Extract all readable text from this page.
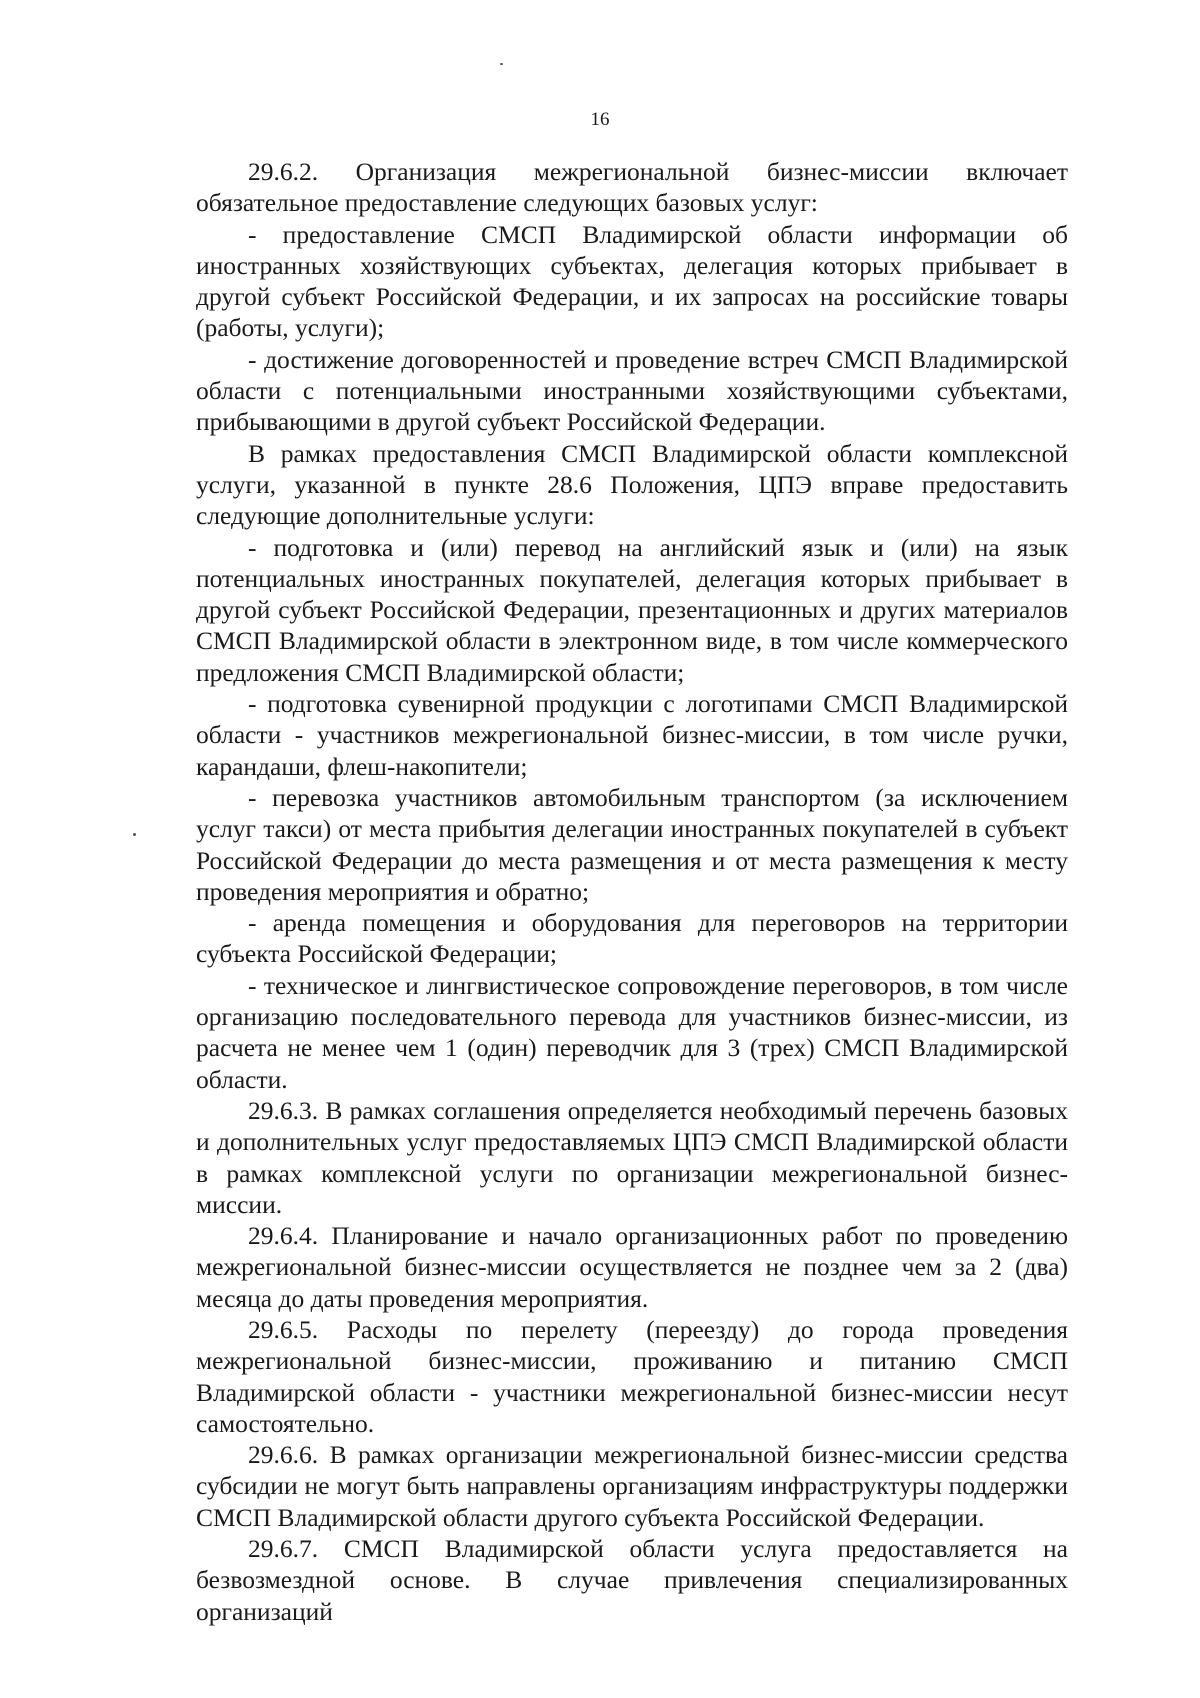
16

29.6.2. Организация межрегиональной бизнес-миссии включает обязательное предоставление следующих базовых услуг:

- предоставление СМСП Владимирской области информации об иностранных хозяйствующих субъектах, делегация которых прибывает в другой субъект Российской Федерации, и их запросах на российские товары (работы, услуги);

- достижение договоренностей и проведение встреч СМСП Владимирской области с потенциальными иностранными хозяйствующими субъектами, прибывающими в другой субъект Российской Федерации.

В рамках предоставления СМСП Владимирской области комплексной услуги, указанной в пункте 28.6 Положения, ЦПЭ вправе предоставить следующие дополнительные услуги:

- подготовка и (или) перевод на английский язык и (или) на язык потенциальных иностранных покупателей, делегация которых прибывает в другой субъект Российской Федерации, презентационных и других материалов СМСП Владимирской области в электронном виде, в том числе коммерческого предложения СМСП Владимирской области;

- подготовка сувенирной продукции с логотипами СМСП Владимирской области - участников межрегиональной бизнес-миссии, в том числе ручки, карандаши, флеш-накопители;

- перевозка участников автомобильным транспортом (за исключением услуг такси) от места прибытия делегации иностранных покупателей в субъект Российской Федерации до места размещения и от места размещения к месту проведения мероприятия и обратно;

- аренда помещения и оборудования для переговоров на территории субъекта Российской Федерации;

- техническое и лингвистическое сопровождение переговоров, в том числе организацию последовательного перевода для участников бизнес-миссии, из расчета не менее чем 1 (один) переводчик для 3 (трех) СМСП Владимирской области.

29.6.3. В рамках соглашения определяется необходимый перечень базовых и дополнительных услуг предоставляемых ЦПЭ СМСП Владимирской области в рамках комплексной услуги по организации межрегиональной бизнес-миссии.

29.6.4. Планирование и начало организационных работ по проведению межрегиональной бизнес-миссии осуществляется не позднее чем за 2 (два) месяца до даты проведения мероприятия.

29.6.5. Расходы по перелету (переезду) до города проведения межрегиональной бизнес-миссии, проживанию и питанию СМСП Владимирской области - участники межрегиональной бизнес-миссии несут самостоятельно.

29.6.6. В рамках организации межрегиональной бизнес-миссии средства субсидии не могут быть направлены организациям инфраструктуры поддержки СМСП Владимирской области другого субъекта Российской Федерации.

29.6.7. СМСП Владимирской области услуга предоставляется на безвозмездной основе. В случае привлечения специализированных организаций
